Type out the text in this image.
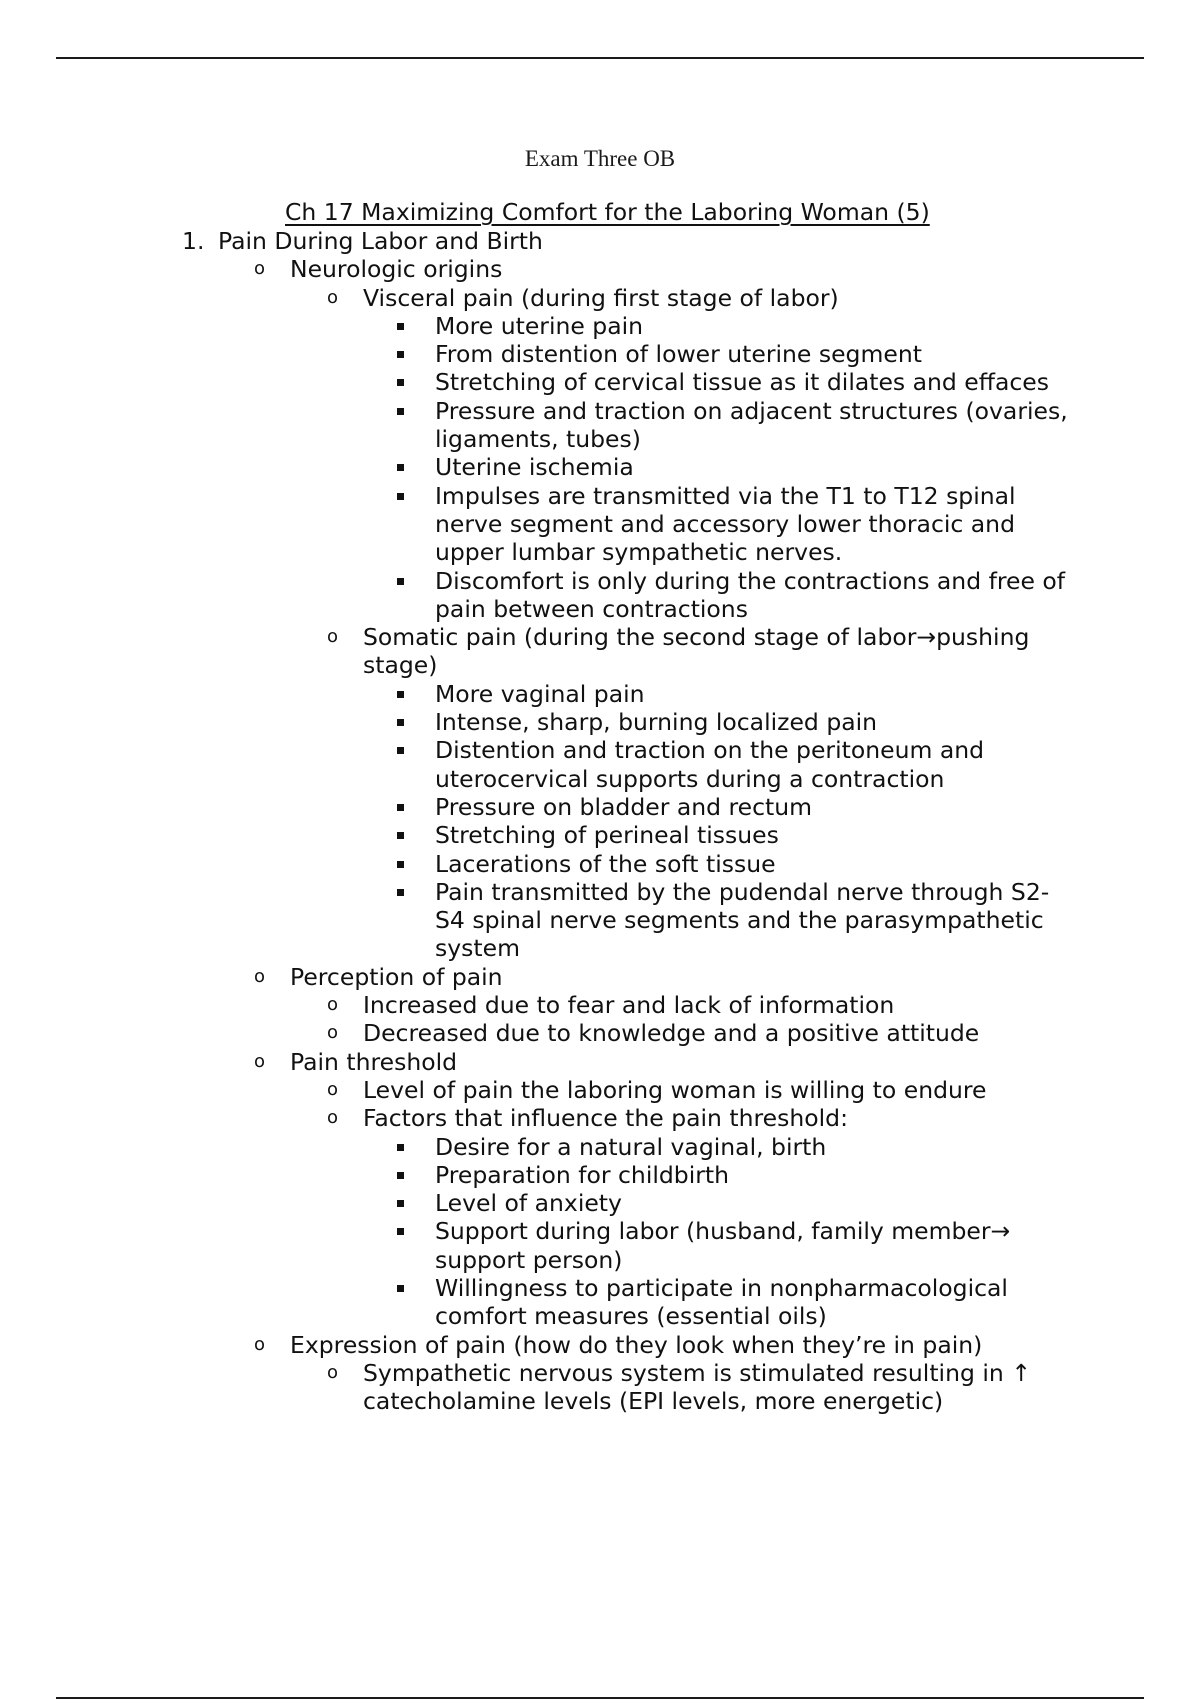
Exam Three OB
Ch 17 Maximizing Comfort for the Laboring Woman (5)
1. Pain During Labor and Birth
o Neurologic origins
o Visceral pain (during first stage of labor)
More uterine pain
From distention of lower uterine segment
Stretching of cervical tissue as it dilates and effaces
Pressure and traction on adjacent structures (ovaries,
ligaments, tubes)
Uterine ischemia
Impulses are transmitted via the T1 to T12 spinal
nerve segment and accessory lower thoracic and
upper lumbar sympathetic nerves.
Discomfort is only during the contractions and free of
pain between contractions
o Somatic pain (during the second stage of labor→pushing
stage)
More vaginal pain
Intense, sharp, burning localized pain
Distention and traction on the peritoneum and
uterocervical supports during a contraction
Pressure on bladder and rectum
Stretching of perineal tissues
Lacerations of the soft tissue
Pain transmitted by the pudendal nerve through S2-
S4 spinal nerve segments and the parasympathetic
system
o Perception of pain
o Increased due to fear and lack of information
o Decreased due to knowledge and a positive attitude
o Pain threshold
o Level of pain the laboring woman is willing to endure
o Factors that influence the pain threshold:
Desire for a natural vaginal, birth
Preparation for childbirth
Level of anxiety
Support during labor (husband, family member→
support person)
Willingness to participate in nonpharmacological
comfort measures (essential oils)
o Expression of pain (how do they look when they’re in pain)
o Sympathetic nervous system is stimulated resulting in ↑
catecholamine levels (EPI levels, more energetic)
